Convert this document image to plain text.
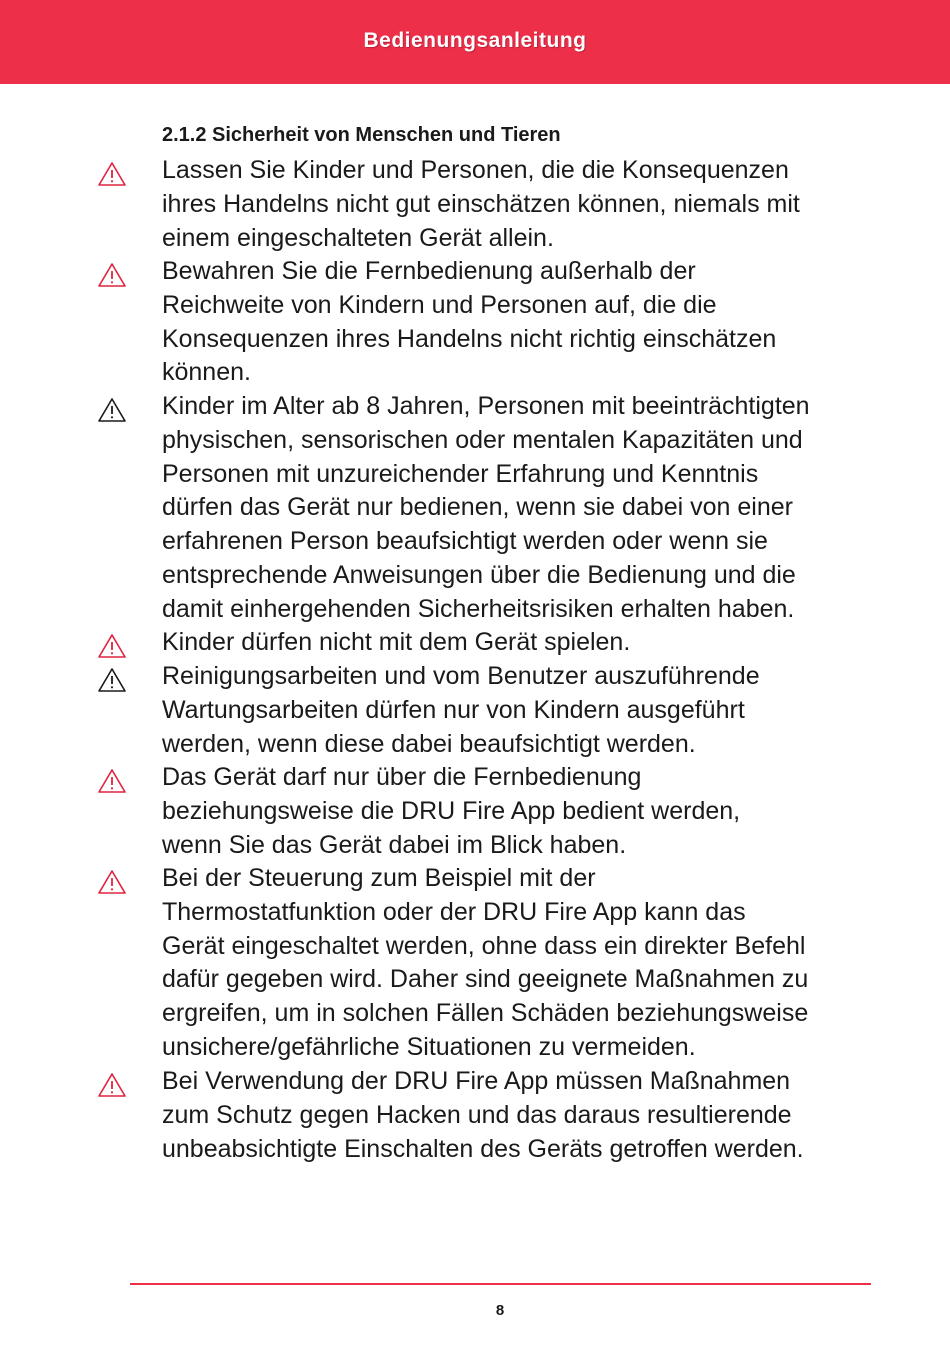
Bedienungsanleitung
2.1.2 Sicherheit von Menschen und Tieren
Lassen Sie Kinder und Personen, die die Konsequenzen
ihres Handelns nicht gut einschätzen können, niemals mit
einem eingeschalteten Gerät allein.
Bewahren Sie die Fernbedienung außerhalb der
Reichweite von Kindern und Personen auf, die die
Konsequenzen ihres Handelns nicht richtig einschätzen
können.
Kinder im Alter ab 8 Jahren, Personen mit beeinträchtigten
physischen, sensorischen oder mentalen Kapazitäten und
Personen mit unzureichender Erfahrung und Kenntnis
dürfen das Gerät nur bedienen, wenn sie dabei von einer
erfahrenen Person beaufsichtigt werden oder wenn sie
entsprechende Anweisungen über die Bedienung und die
damit einhergehenden Sicherheitsrisiken erhalten haben.
Kinder dürfen nicht mit dem Gerät spielen.
Reinigungsarbeiten und vom Benutzer auszuführende
Wartungsarbeiten dürfen nur von Kindern ausgeführt
werden, wenn diese dabei beaufsichtigt werden.
Das Gerät darf nur über die Fernbedienung
beziehungsweise die DRU Fire App bedient werden,
wenn Sie das Gerät dabei im Blick haben.
Bei der Steuerung zum Beispiel mit der
Thermostatfunktion oder der DRU Fire App kann das
Gerät eingeschaltet werden, ohne dass ein direkter Befehl
dafür gegeben wird. Daher sind geeignete Maßnahmen zu
ergreifen, um in solchen Fällen Schäden beziehungsweise
unsichere/gefährliche Situationen zu vermeiden.
Bei Verwendung der DRU Fire App müssen Maßnahmen
zum Schutz gegen Hacken und das daraus resultierende
unbeabsichtigte Einschalten des Geräts getroffen werden.
8
